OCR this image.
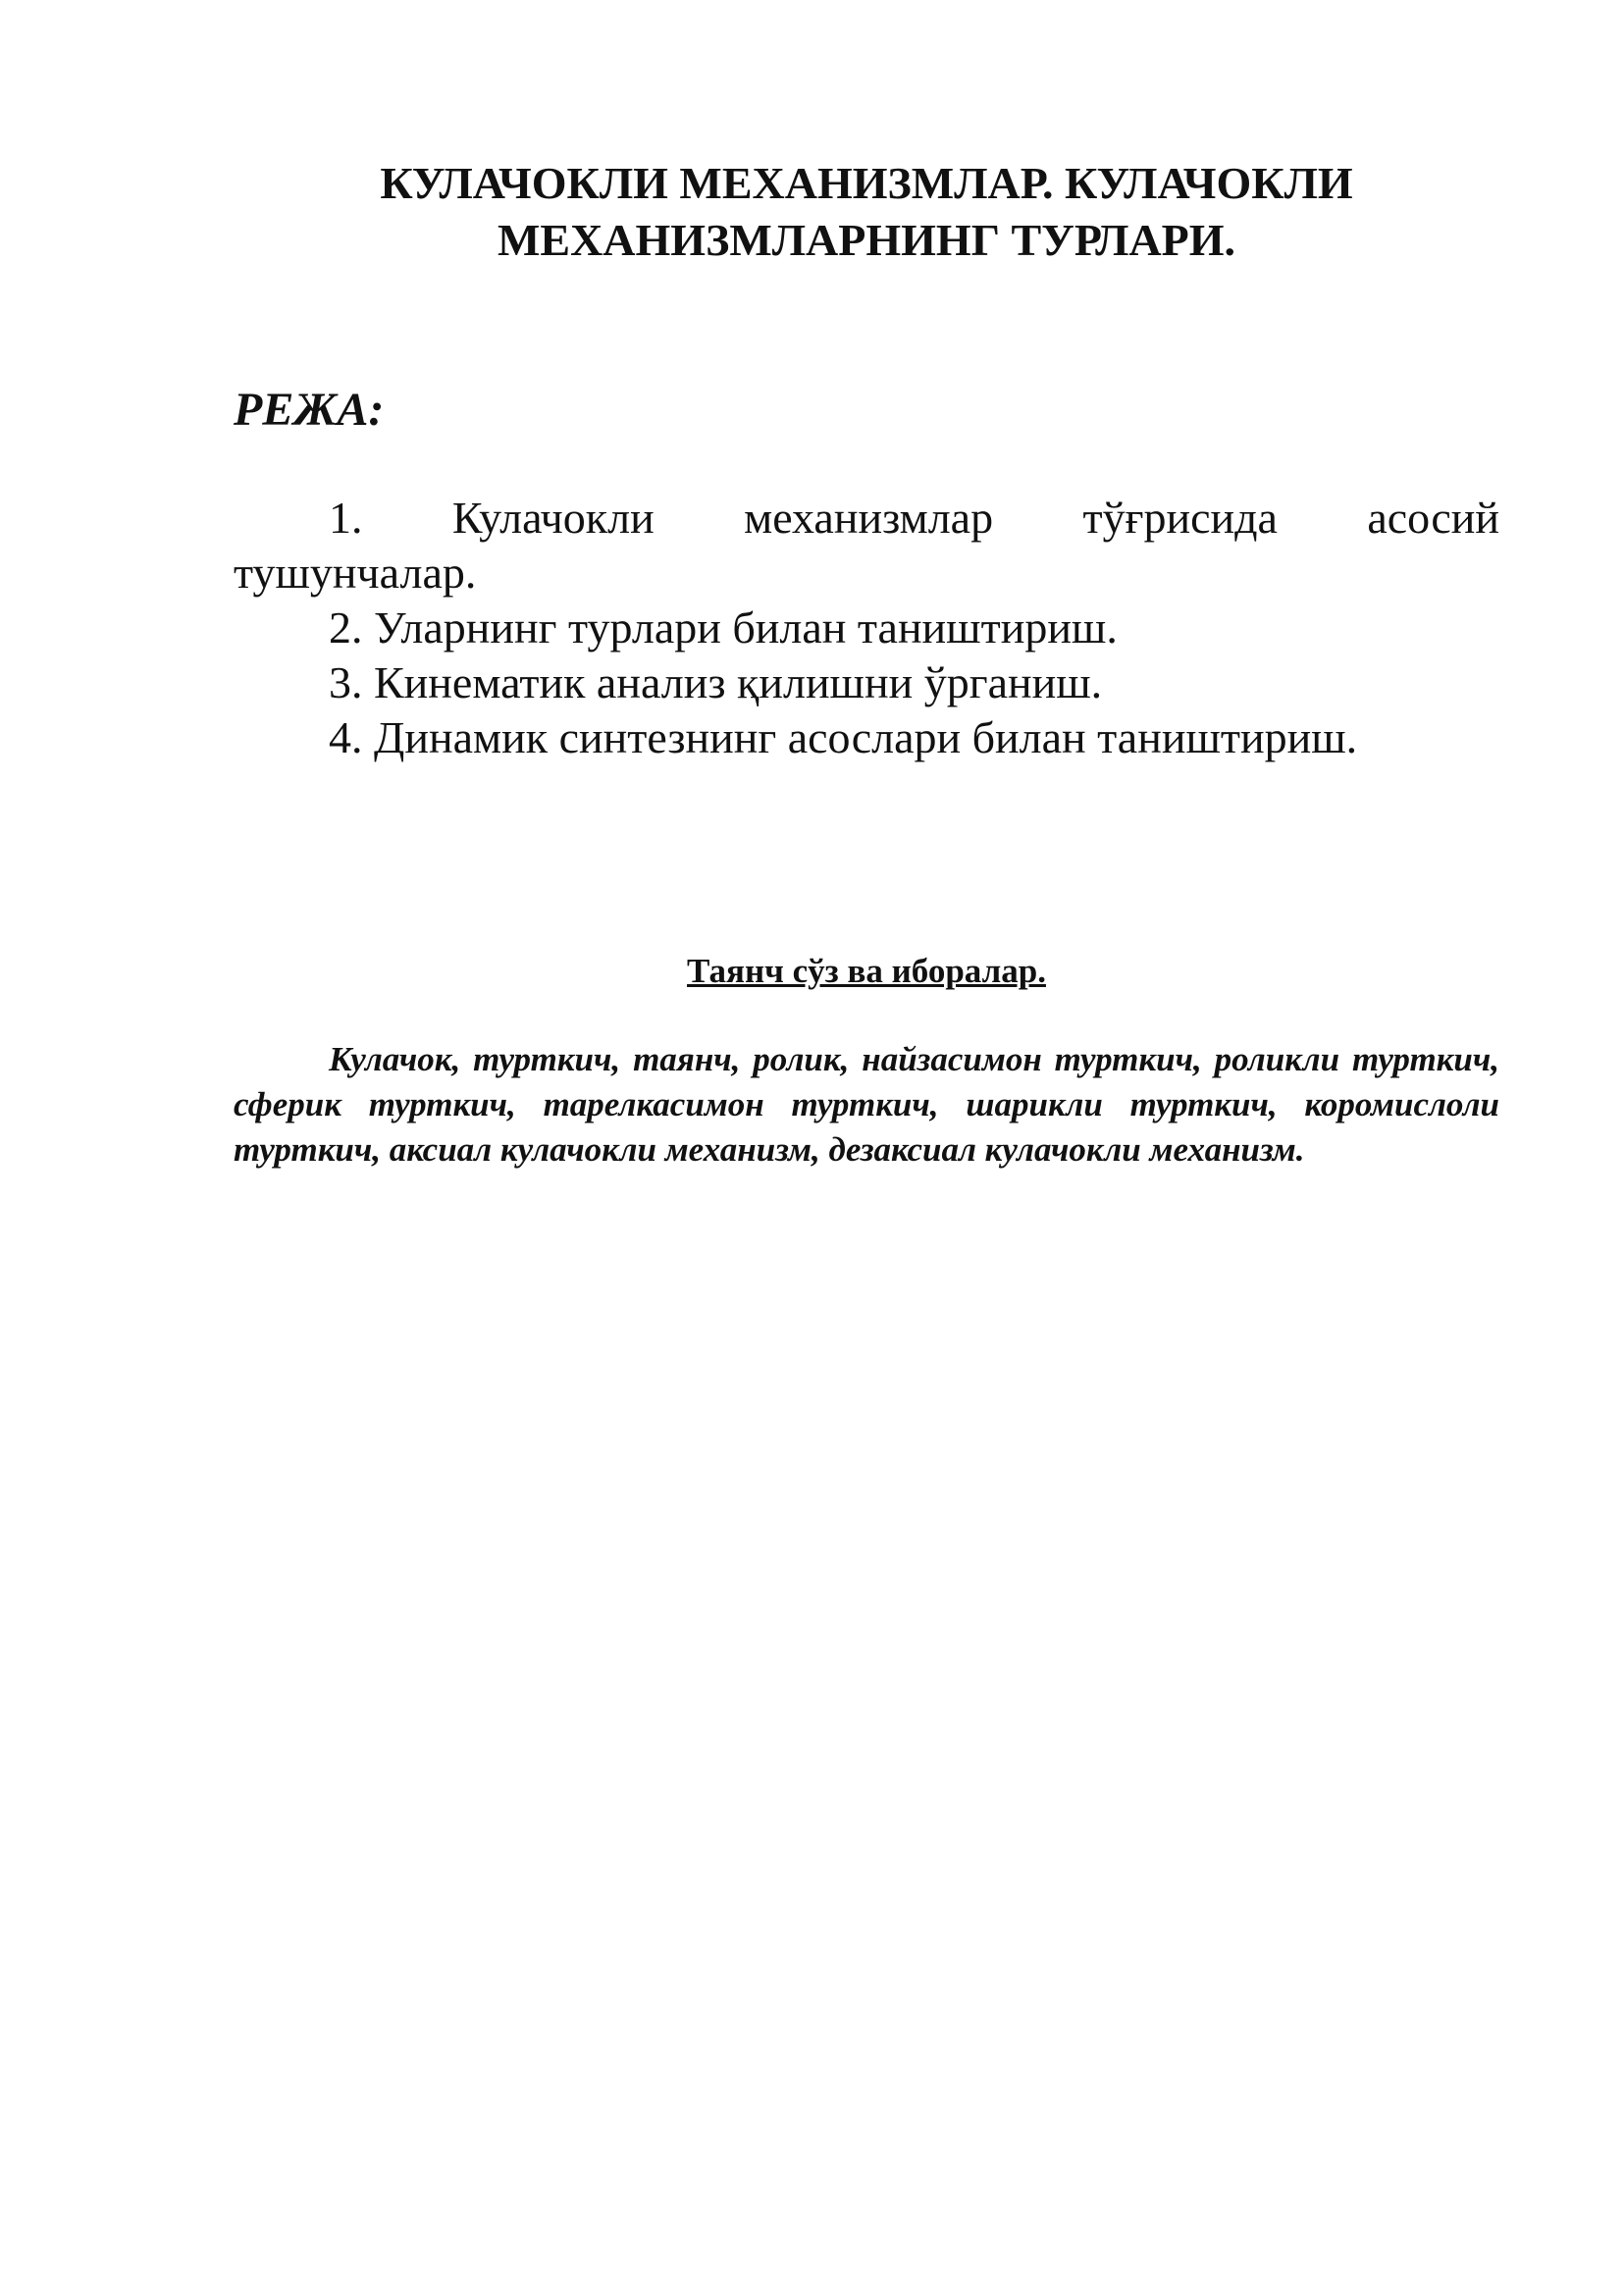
КУЛАЧОКЛИ МЕХАНИЗМЛАР. КУЛАЧОКЛИ
МЕХАНИЗМЛАРНИНГ ТУРЛАРИ.
РЕЖА:
1. Кулачокли механизмлар тўғрисида асосий
тушунчалар.

2. Уларнинг турлари билан таништириш.

3. Кинематик анализ қилишни ўрганиш.

4. Динамик синтезнинг асослари билан таништириш.

Таянч сўз ва иборалар.

Кулачок, турткич, таянч, ролик, найзасимон турткич, роликли турткич, сферик турткич, тарелкасимон турткич, шарикли турткич, коромислоли турткич, аксиал кулачокли механизм, дезаксиал кулачокли механизм.
